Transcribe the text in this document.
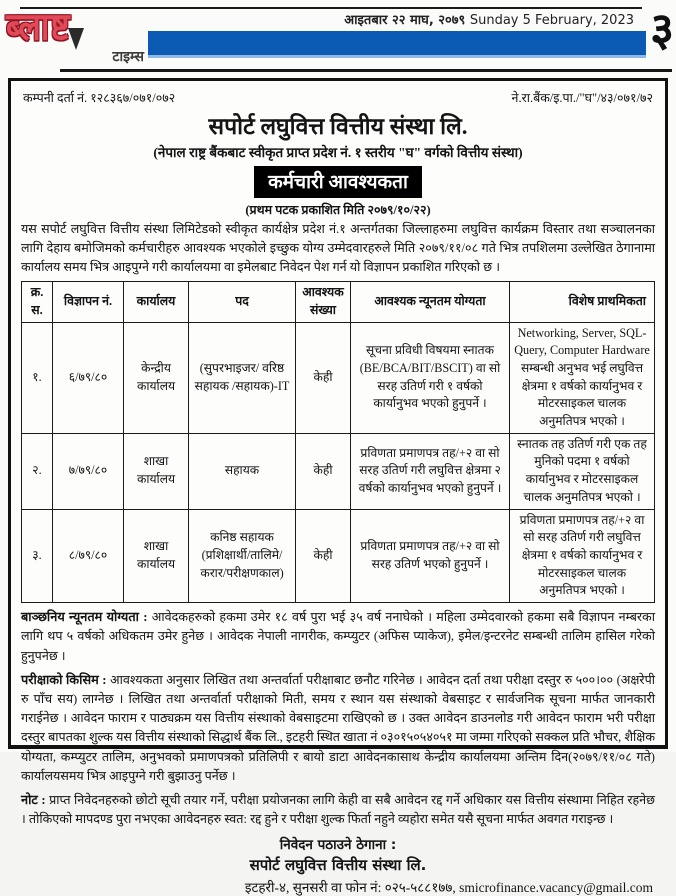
ब्लाष्ट
टाइम्स
आइतबार २२ माघ, २०७९ Sunday 5 February, 2023 ३
कम्पनी दर्ता नं. १२८३६७/०७१/०७२	ने.रा.बैंक/इ.पा./"घ"/४३/०७१/७२
सपोर्ट लघुवित्त वित्तीय संस्था लि.
(नेपाल राष्ट्र बैंकबाट स्वीकृत प्राप्त प्रदेश नं. १ स्तरीय "घ" वर्गको वित्तीय संस्था)
कर्मचारी आवश्यकता
(प्रथम पटक प्रकाशित मिति २०७९/१०/२२)
यस सपोर्ट लघुवित्त वित्तीय संस्था लिमिटेडको स्वीकृत कार्यक्षेत्र प्रदेश नं.१ अन्तर्गतका जिल्लाहरुमा लघुवित्त कार्यक्रम विस्तार तथा सञ्चालनका लागि देहाय बमोजिमको कर्मचारीहरु आवश्यक भएकोले इच्छुक योग्य उम्मेदवारहरुले मिति २०७९/११/०८ गते भित्र तपशिलमा उल्लेखित ठेगानामा कार्यालय समय भित्र आइपुग्ने गरी कार्यालयमा वा इमेलबाट निवेदन पेश गर्न यो विज्ञापन प्रकाशित गरिएको छ ।
क्र. स.	विज्ञापन नं.	कार्यालय	पद	आवश्यक संख्या	आवश्यक न्यूनतम योग्यता	विशेष प्राथमिकता
१.	६/७९/८०	केन्द्रीय कार्यालय	(सुपरभाइजर/ वरिष्ठ सहायक /सहायक)-IT	केही	सूचना प्रविधी विषयमा स्नातक (BE/BCA/BIT/BSCIT) वा सो सरह उतिर्ण गरी १ वर्षको कार्यानुभव भएको हुनुपर्ने ।	Networking, Server, SQL-Query, Computer Hardware सम्बन्धी अनुभव भई लघुवित्त क्षेत्रमा १ वर्षको कार्यानुभव र मोटरसाइकल चालक अनुमतिपत्र भएको ।
२.	७/७९/८०	शाखा कार्यालय	सहायक	केही	प्रविणता प्रमाणपत्र तह/+२ वा सो सरह उतिर्ण गरी लघुवित्त क्षेत्रमा २ वर्षको कार्यानुभव भएको हुनुपर्ने ।	स्नातक तह उतिर्ण गरी एक तह मुनिको पदमा १ वर्षको कार्यानुभव र मोटरसाइकल चालक अनुमतिपत्र भएको ।
३.	८/७९/८०	शाखा कार्यालय	कनिष्ठ सहायक (प्रशिक्षार्थी/तालिमे/ करार/परीक्षणकाल)	केही	प्रविणता प्रमाणपत्र तह/+२ वा सो सरह उतिर्ण भएको हुनुपर्ने ।	प्रविणता प्रमाणपत्र तह/+२ वा सो सरह उतिर्ण गरी लघुवित्त क्षेत्रमा १ वर्षको कार्यानुभव र मोटरसाइकल चालक अनुमतिपत्र भएको ।
बाञ्छनिय न्यूनतम योग्यता : आवेदकहरुको हकमा उमेर १८ वर्ष पुरा भई ३५ वर्ष ननाघेको । महिला उम्मेदवारको हकमा सबै विज्ञापन नम्बरका लागि थप ५ वर्षको अधिकतम उमेर हुनेछ । आवेदक नेपाली नागरीक, कम्प्युटर (अफिस प्याकेज), इमेल/इन्टरनेट सम्बन्धी तालिम हासिल गरेको हुनुपनेछ ।
परीक्षाको किसिम : आवश्यकता अनुसार लिखित तथा अन्तर्वार्ता परीक्षाबाट छनौट गरिनेछ । आवेदन दर्ता तथा परीक्षा दस्तुर रु ५००।०० (अक्षरेपी रु पाँच सय) लाग्नेछ । लिखित तथा अन्तर्वार्ता परीक्षाको मिती, समय र स्थान यस संस्थाको वेबसाइट र सार्वजनिक सूचना मार्फत जानकारी गराईनेछ । आवेदन फाराम र पाठ्यक्रम यस वित्तीय संस्थाको वेबसाइटमा राखिएको छ । उक्त आवेदन डाउनलोड गरी आवेदन फाराम भरी परीक्षा दस्तुर बापतका शुल्क यस वित्तीय संस्थाको सिद्धार्थ बैंक लि., इटहरी स्थित खाता नं ०३०१५०५४०५१ मा जम्मा गरिएको सक्कल प्रति भौचर, शैक्षिक योग्यता, कम्प्युटर तालिम, अनुभवको प्रमाणपत्रको प्रतिलिपी र बायो डाटा आवेदनकासाथ केन्द्रीय कार्यालयमा अन्तिम दिन(२०७९/११/०८ गते) कार्यालयसमय भित्र आइपुग्ने गरी बुझाउनु पर्नेछ ।
नोट : प्राप्त निवेदनहरुको छोटो सूची तयार गर्ने, परीक्षा प्रयोजनका लागि केही वा सबै आवेदन रद्द गर्ने अधिकार यस वित्तीय संस्थामा निहित रहनेछ । तोकिएको मापदण्ड पुरा नभएका आवेदनहरु स्वत: रद्द हुने र परीक्षा शुल्क फिर्ता नहुने व्यहोरा समेत यसै सूचना मार्फत अवगत गराइन्छ ।
निवेदन पठाउने ठेगाना :
सपोर्ट लघुवित्त वित्तीय संस्था लि.
इटहरी-४, सुनसरी वा फोन नं: ०२५-५८८१७७, smicrofinance.vacancy@gmail.com
